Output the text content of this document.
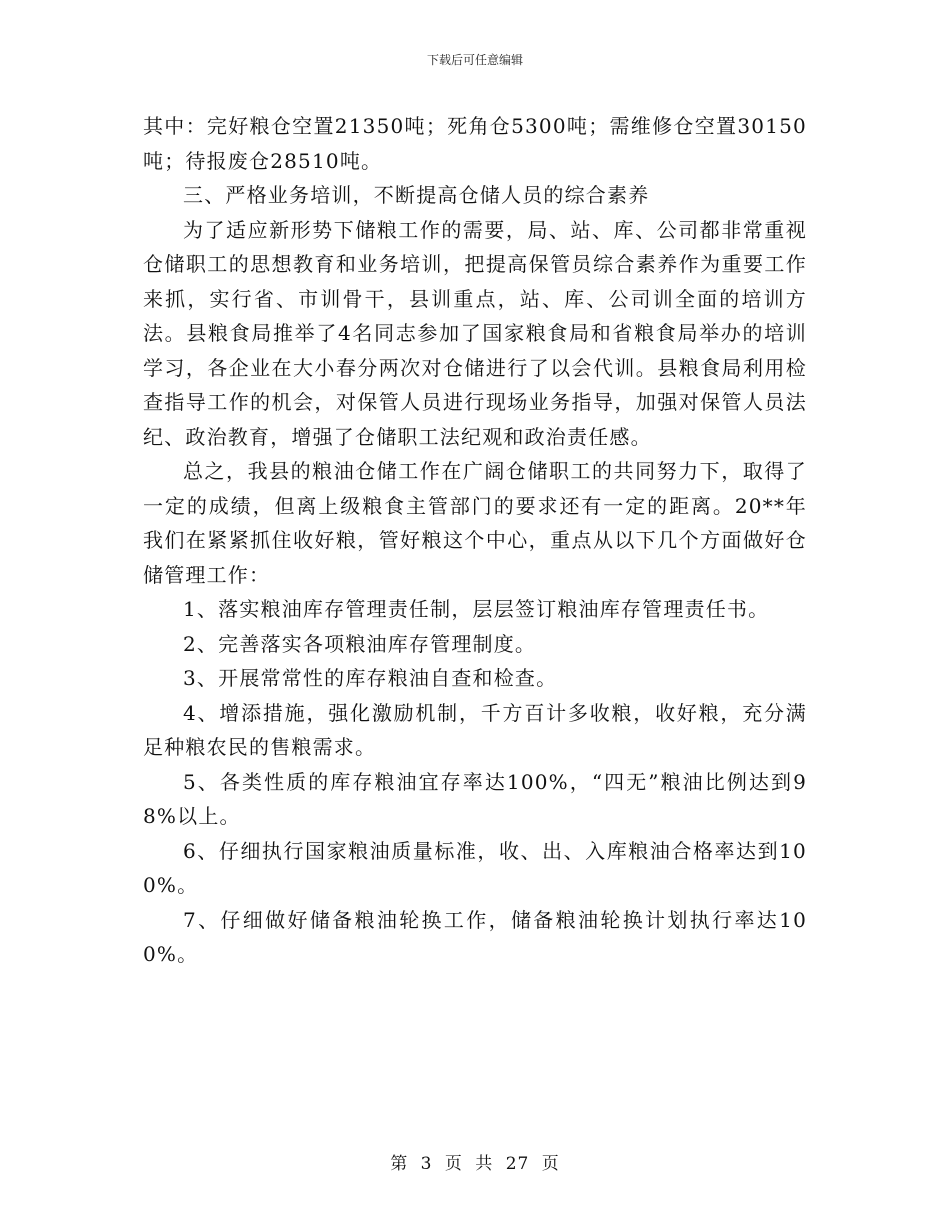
下载后可任意编辑

其中：完好粮仓空置21350吨；死角仓5300吨；需维修仓空置30150吨；待报废仓28510吨。

三、严格业务培训，不断提高仓储人员的综合素养

为了适应新形势下储粮工作的需要，局、站、库、公司都非常重视仓储职工的思想教育和业务培训，把提高保管员综合素养作为重要工作来抓，实行省、市训骨干，县训重点，站、库、公司训全面的培训方法。县粮食局推举了4名同志参加了国家粮食局和省粮食局举办的培训学习，各企业在大小春分两次对仓储进行了以会代训。县粮食局利用检查指导工作的机会，对保管人员进行现场业务指导，加强对保管人员法纪、政治教育，增强了仓储职工法纪观和政治责任感。

总之，我县的粮油仓储工作在广阔仓储职工的共同努力下，取得了一定的成绩，但离上级粮食主管部门的要求还有一定的距离。20**年我们在紧紧抓住收好粮，管好粮这个中心，重点从以下几个方面做好仓储管理工作：

1、落实粮油库存管理责任制，层层签订粮油库存管理责任书。

2、完善落实各项粮油库存管理制度。

3、开展常常性的库存粮油自查和检查。

4、增添措施，强化激励机制，千方百计多收粮，收好粮，充分满足种粮农民的售粮需求。

5、各类性质的库存粮油宜存率达100%，“四无”粮油比例达到98%以上。

6、仔细执行国家粮油质量标准，收、出、入库粮油合格率达到100%。

7、仔细做好储备粮油轮换工作，储备粮油轮换计划执行率达100%。

第 3 页 共 27 页
